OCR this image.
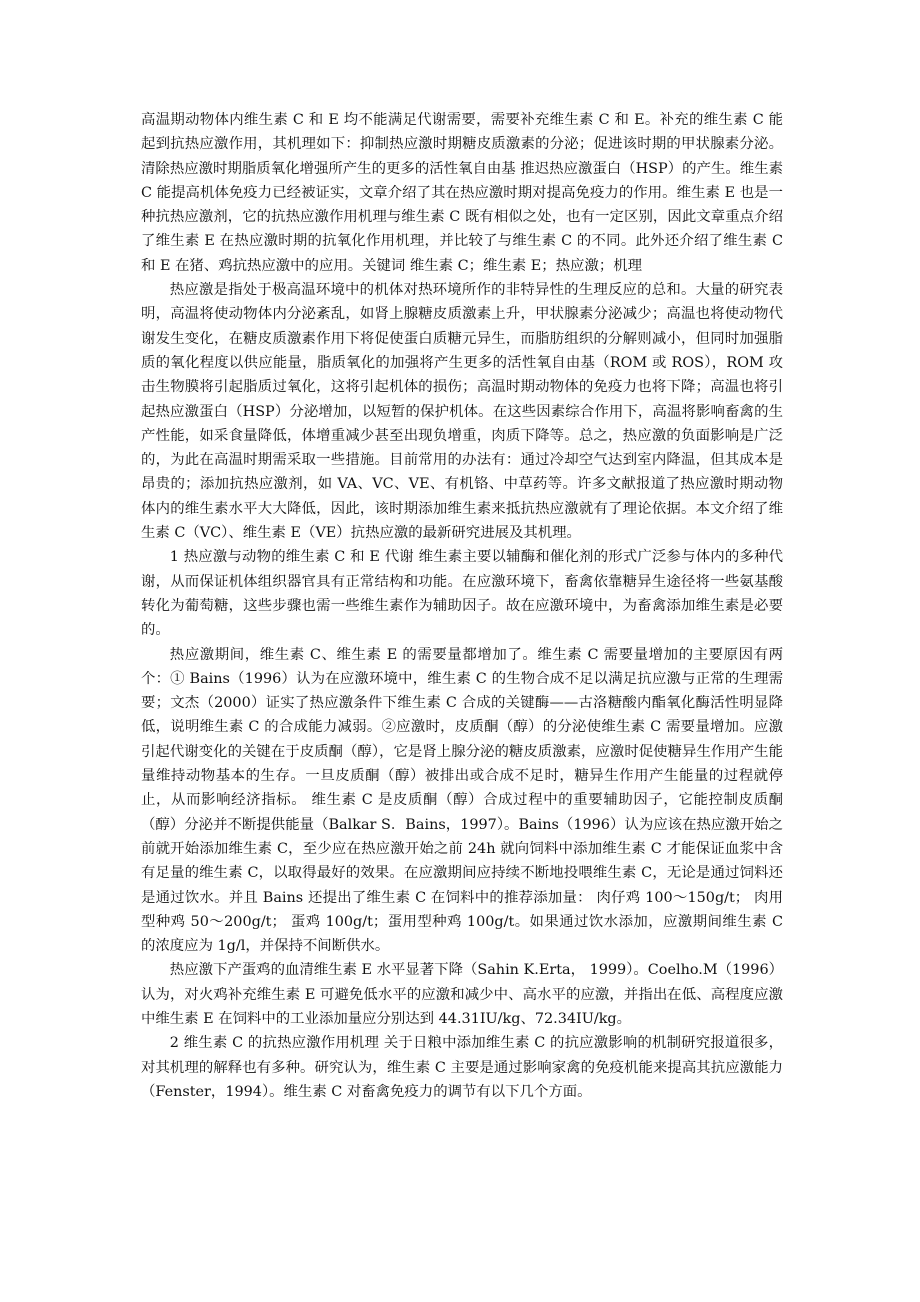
高温期动物体内维生素 C 和 E 均不能满足代谢需要，需要补充维生素 C 和 E。补充的维生素 C 能起到抗热应激作用，其机理如下：抑制热应激时期糖皮质激素的分泌；促进该时期的甲状腺素分泌。清除热应激时期脂质氧化增强所产生的更多的活性氧自由基 推迟热应激蛋白（HSP）的产生。维生素 C 能提高机体免疫力已经被证实，文章介绍了其在热应激时期对提高免疫力的作用。维生素 E 也是一种抗热应激剂，它的抗热应激作用机理与维生素 C 既有相似之处，也有一定区别，因此文章重点介绍了维生素 E 在热应激时期的抗氧化作用机理，并比较了与维生素 C 的不同。此外还介绍了维生素 C 和 E 在猪、鸡抗热应激中的应用。关键词 维生素 C；维生素 E；热应激；机理

热应激是指处于极高温环境中的机体对热环境所作的非特异性的生理反应的总和。大量的研究表明，高温将使动物体内分泌紊乱，如肾上腺糖皮质激素上升，甲状腺素分泌减少；高温也将使动物代谢发生变化，在糖皮质激素作用下将促使蛋白质糖元异生，而脂肪组织的分解则减小，但同时加强脂质的氧化程度以供应能量，脂质氧化的加强将产生更多的活性氧自由基（ROM 或 ROS），ROM 攻击生物膜将引起脂质过氧化，这将引起机体的损伤；高温时期动物体的免疫力也将下降；高温也将引起热应激蛋白（HSP）分泌增加，以短暂的保护机体。在这些因素综合作用下，高温将影响畜禽的生产性能，如采食量降低，体增重减少甚至出现负增重，肉质下降等。总之，热应激的负面影响是广泛的，为此在高温时期需采取一些措施。目前常用的办法有：通过冷却空气达到室内降温，但其成本是昂贵的；添加抗热应激剂，如 VA、VC、VE、有机铬、中草药等。许多文献报道了热应激时期动物体内的维生素水平大大降低，因此，该时期添加维生素来抵抗热应激就有了理论依据。本文介绍了维生素 C（VC）、维生素 E（VE）抗热应激的最新研究进展及其机理。

1 热应激与动物的维生素 C 和 E 代谢 维生素主要以辅酶和催化剂的形式广泛参与体内的多种代谢，从而保证机体组织器官具有正常结构和功能。在应激环境下，畜禽依靠糖异生途径将一些氨基酸转化为葡萄糖，这些步骤也需一些维生素作为辅助因子。故在应激环境中，为畜禽添加维生素是必要的。

热应激期间，维生素 C、维生素 E 的需要量都增加了。维生素 C 需要量增加的主要原因有两个：① Bains（1996）认为在应激环境中，维生素 C 的生物合成不足以满足抗应激与正常的生理需要；文杰（2000）证实了热应激条件下维生素 C 合成的关键酶——古洛糖酸内酯氧化酶活性明显降低，说明维生素 C 的合成能力减弱。②应激时，皮质酮（醇）的分泌使维生素 C 需要量增加。应激引起代谢变化的关键在于皮质酮（醇），它是肾上腺分泌的糖皮质激素，应激时促使糖异生作用产生能量维持动物基本的生存。一旦皮质酮（醇）被排出或合成不足时，糖异生作用产生能量的过程就停止，从而影响经济指标。 维生素 C 是皮质酮（醇）合成过程中的重要辅助因子，它能控制皮质酮（醇）分泌并不断提供能量（Balkar S．Bains，1997）。Bains（1996）认为应该在热应激开始之前就开始添加维生素 C，至少应在热应激开始之前 24h 就向饲料中添加维生素 C 才能保证血浆中含有足量的维生素 C，以取得最好的效果。在应激期间应持续不断地投喂维生素 C，无论是通过饲料还是通过饮水。并且 Bains 还提出了维生素 C 在饲料中的推荐添加量： 肉仔鸡 100～150g/t； 肉用型种鸡 50～200g/t； 蛋鸡 100g/t；蛋用型种鸡 100g/t。如果通过饮水添加，应激期间维生素 C 的浓度应为 1g/l，并保持不间断供水。

热应激下产蛋鸡的血清维生素 E 水平显著下降（Sahin K.Erta， 1999）。Coelho.M（1996）认为，对火鸡补充维生素 E 可避免低水平的应激和减少中、高水平的应激，并指出在低、高程度应激中维生素 E 在饲料中的工业添加量应分别达到 44.31IU/kg、72.34IU/kg。

2 维生素 C 的抗热应激作用机理 关于日粮中添加维生素 C 的抗应激影响的机制研究报道很多，对其机理的解释也有多种。研究认为，维生素 C 主要是通过影响家禽的免疫机能来提高其抗应激能力（Fenster，1994）。维生素 C 对畜禽免疫力的调节有以下几个方面。
